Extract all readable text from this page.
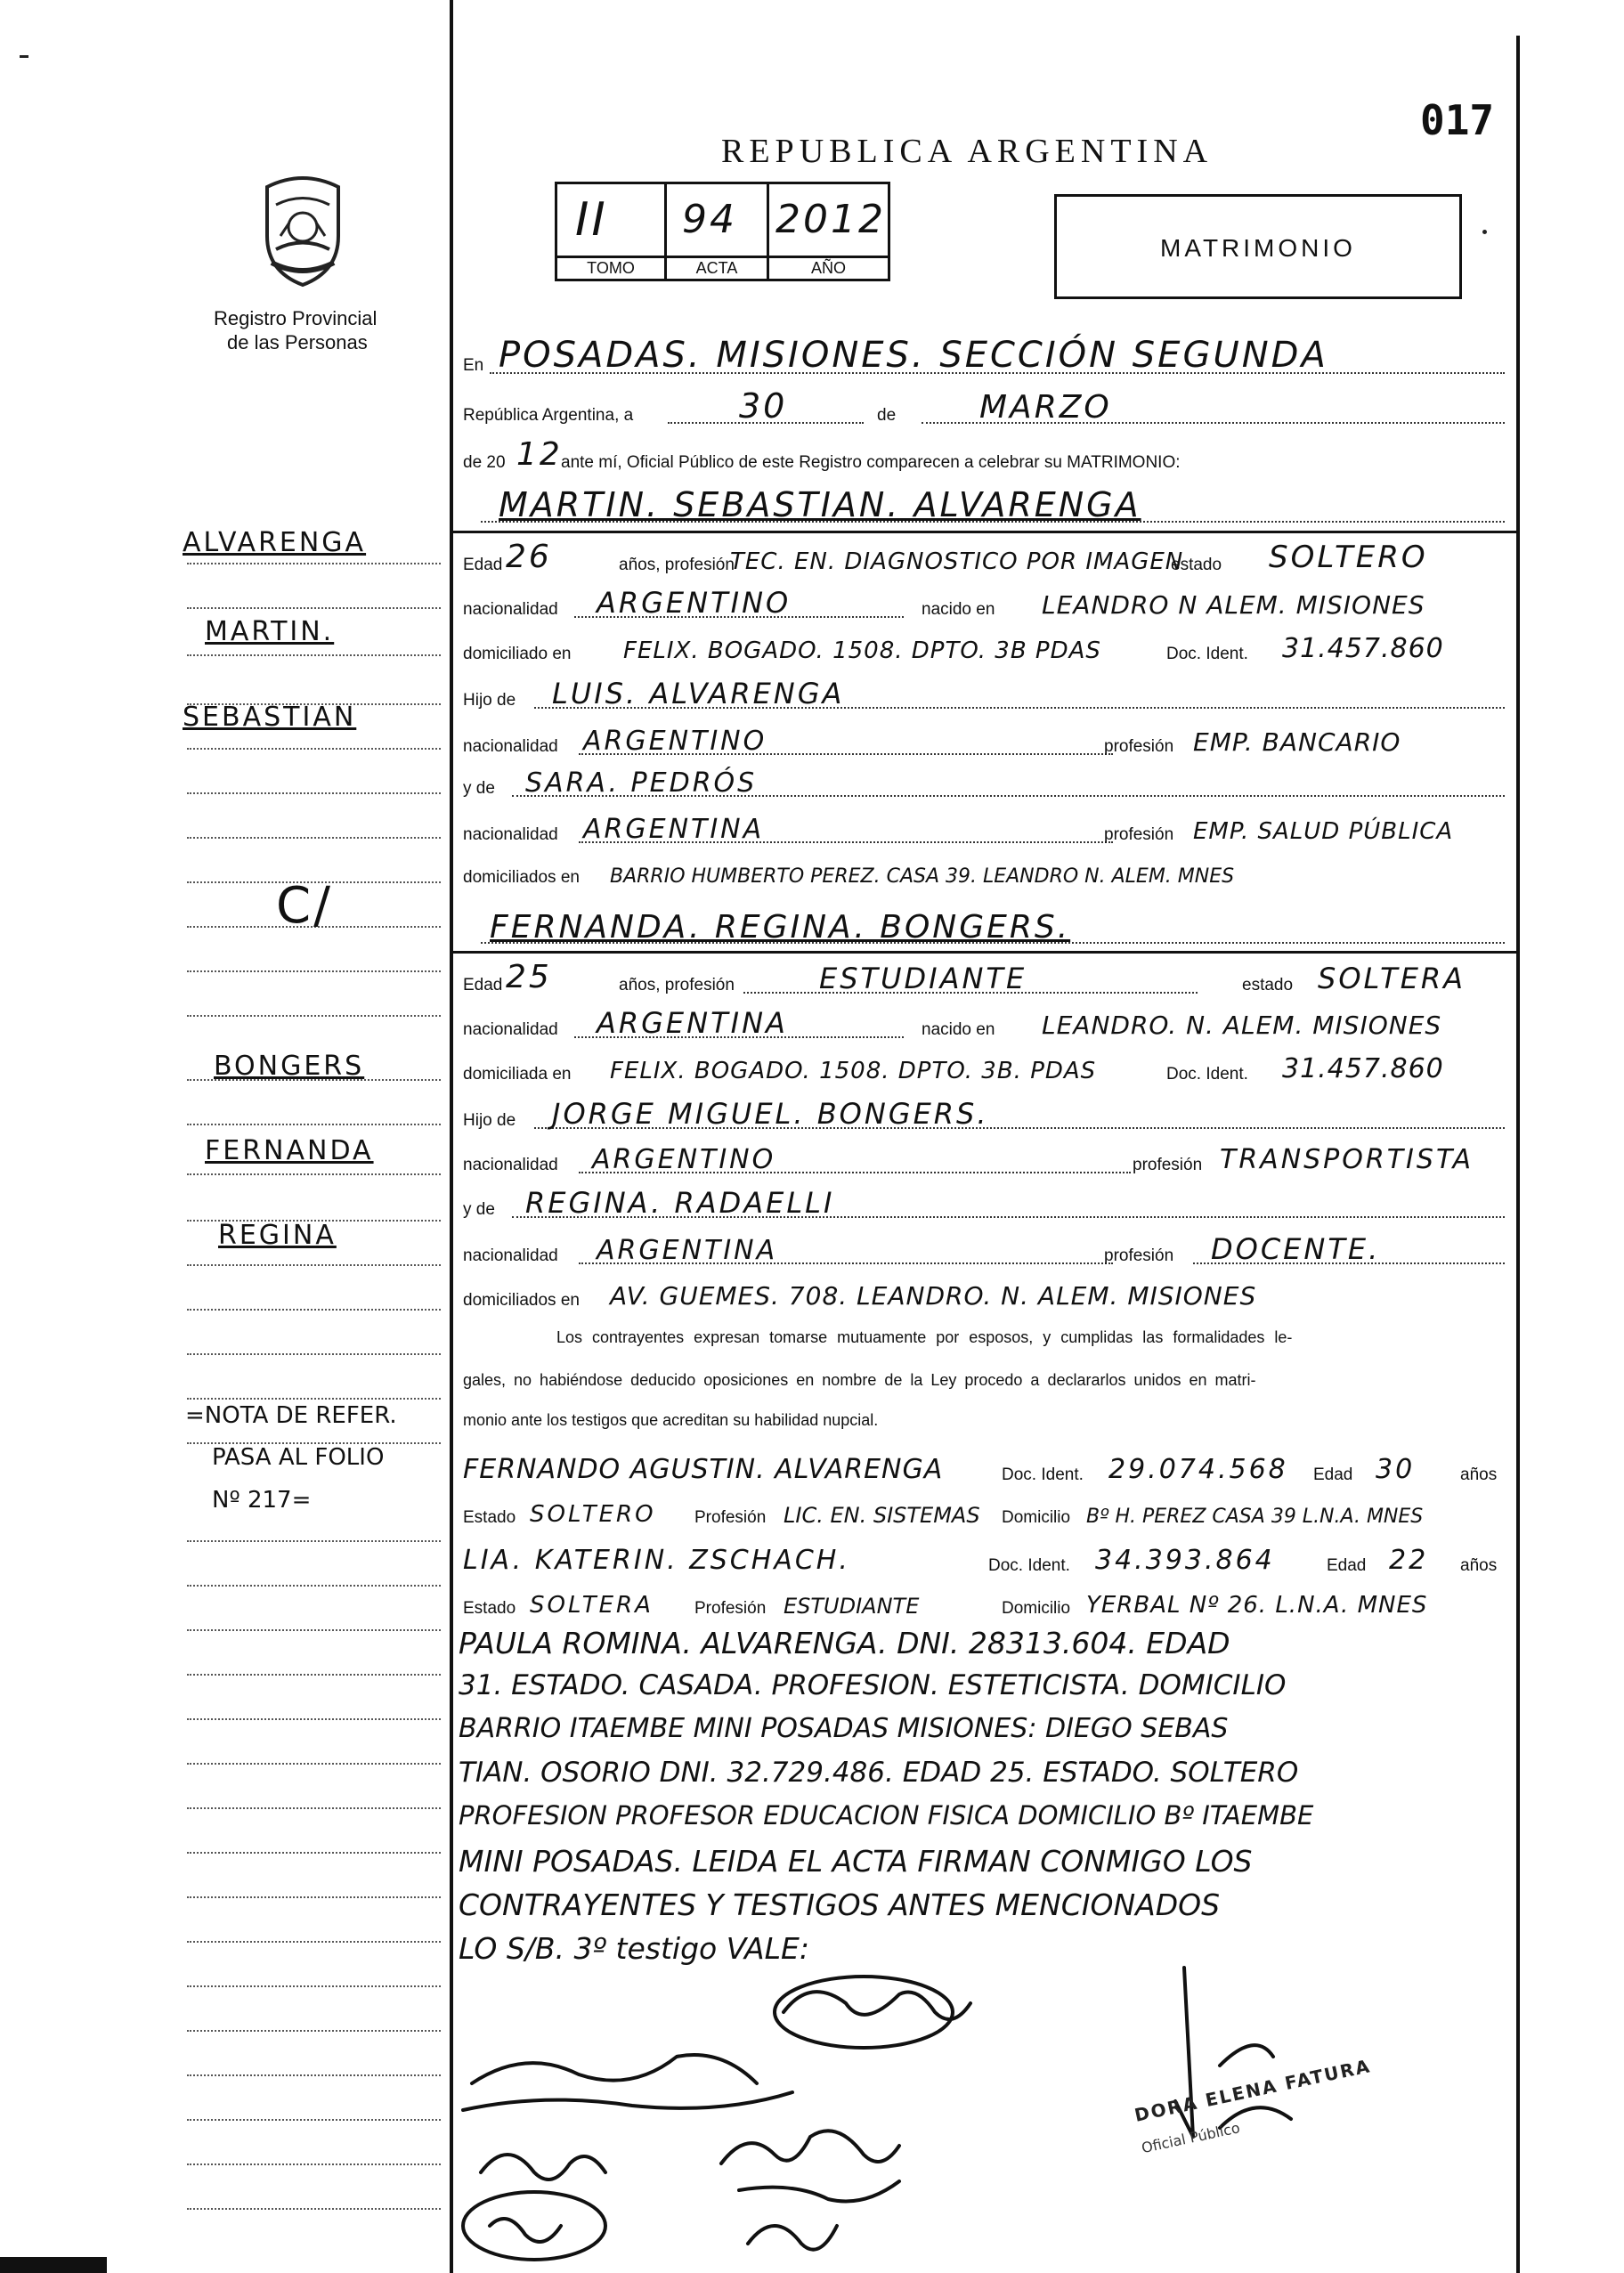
017
REPUBLICA ARGENTINA
Registro Provincial
de las Personas
II 94 2012
TOMO	ACTA	AÑO
MATRIMONIO
En POSADAS. MISIONES. SECCIÓN SEGUNDA
República Argentina, a	30	de	MARZO
de 20 12
ante mí, Oficial Público de este Registro comparecen a celebrar su MATRIMONIO:
MARTIN. SEBASTIAN. ALVARENGA
Edad 26	años, profesión
TEC. EN. DIAGNOSTICO POR IMAGEN
estado SOLTERO
nacionalidad ARGENTINO	nacido en LEANDRO N ALEM. MISIONES
domiciliado en FELIX. BOGADO. 1508. DPTO. 3B PDAS	Doc. Ident. 31.457.860
Hijo de LUIS. ALVARENGA
nacionalidad ARGENTINO	profesión EMP. BANCARIO
y de SARA. PEDRÓS
nacionalidad ARGENTINA	profesión EMP. SALUD PÚBLICA
domiciliados en BARRIO HUMBERTO PEREZ. CASA 39. LEANDRO N. ALEM. MNES
FERNANDA. REGINA. BONGERS.
Edad 25	años, profesión	ESTUDIANTE	estado SOLTERA
nacionalidad ARGENTINA	nacido en LEANDRO. N. ALEM. MISIONES
domiciliada en FELIX. BOGADO. 1508. DPTO. 3B. PDAS	Doc. Ident. 31.457.860
Hijo de JORGE MIGUEL. BONGERS.
nacionalidad ARGENTINO	profesión TRANSPORTISTA
y de REGINA. RADAELLI
nacionalidad ARGENTINA	profesión DOCENTE.
domiciliados en AV. GUEMES. 708. LEANDRO. N. ALEM. MISIONES
Los contrayentes expresan tomarse mutuamente por esposos, y cumplidas las formalidades le-
gales, no habiéndose deducido oposiciones en nombre de la Ley procedo a declararlos unidos en matri-
monio ante los testigos que acreditan su habilidad nupcial.
FERNANDO AGUSTIN. ALVARENGA	Doc. Ident. 29.074.568 Edad 30	años
Estado SOLTERO Profesión LIC. EN. SISTEMAS Domicilio Bº H. PEREZ CASA 39 L.N.A. MNES
LIA. KATERIN. ZSCHACH.	Doc. Ident. 34.393.864	Edad 22 años
Estado SOLTERA Profesión ESTUDIANTE	Domicilio YERBAL Nº 26. L.N.A. MNES
PAULA ROMINA. ALVARENGA. DNI. 28313.604. EDAD
31. ESTADO. CASADA. PROFESION. ESTETICISTA. DOMICILIO
BARRIO ITAEMBE MINI POSADAS MISIONES: DIEGO SEBAS
TIAN. OSORIO DNI. 32.729.486. EDAD 25. ESTADO. SOLTERO
PROFESION PROFESOR EDUCACION FISICA DOMICILIO Bº ITAEMBE
MINI POSADAS. LEIDA EL ACTA FIRMAN CONMIGO LOS
CONTRAYENTES Y TESTIGOS ANTES MENCIONADOS
LO S/B. 3º testigo VALE:
DORA ELENA FATURA
Oficial Público
ALVARENGA
MARTIN.
SEBASTIAN
C/
BONGERS
FERNANDA
REGINA
=NOTA DE REFER.
PASA AL FOLIO
Nº 217=
